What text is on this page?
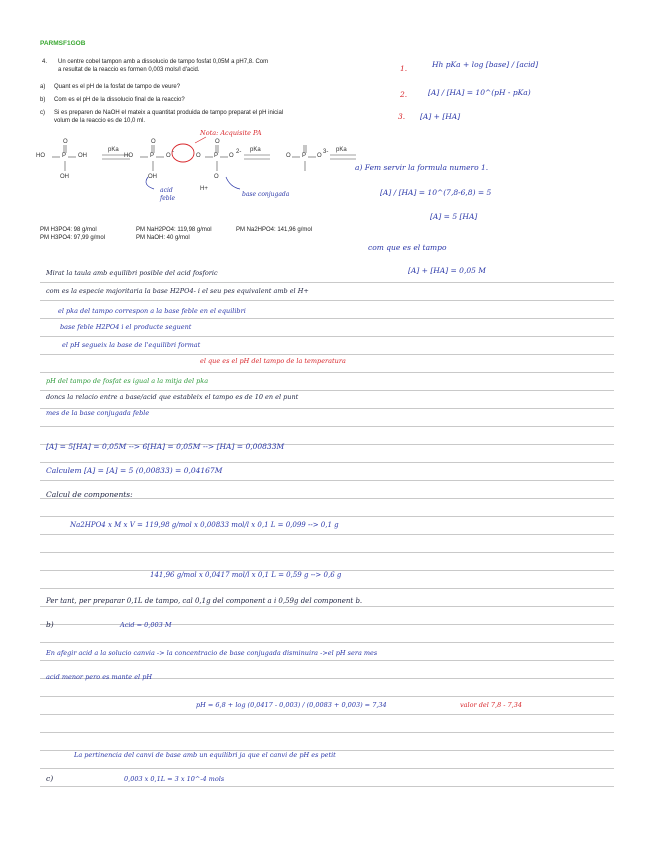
PARMSF1GOB
4. Un centre cobel tampon amb a dissolucio de tampo fosfat 0,05M a pH7,8. Com
a resultat de la reaccio es formen 0,003 mols/l d'acid.
a) Quant es el pH de la fosfat de tampo de veure?
b) Com es el pH de la dissolucio final de la reaccio?
c) Si es preparen de NaOH el mateix a quantitat produida de tampo preparat el pH inicial
volum de la reaccio es de 10,0 ml.
HO	P OH
O
OH
pKa
HO	P O
OH
O
-
O P O
O
O
2- pKa
O P O
3- pKa
H+
Nota: Acquisite PA
acid
feble
base conjugada
PM H3PO4: 98 g/mol	PM NaH2PO4: 119,98 g/mol	PM Na2HPO4: 141,96 g/mol
PM H3PO4: 97,99 g/mol	PM NaOH: 40 g/mol
1.	Hh pKa + log [base] / [acid]
2.	[A] / [HA] = 10^(pH - pKa)
3. [A] + [HA]
a) Fem servir la formula numero 1.
[A] / [HA] = 10^(7,8-6,8) = 5
[A] = 5 [HA]
com que es el tampo
[A] + [HA] = 0,05 M
Mirat la taula amb equilibri posible del acid fosforic
com es la especie majoritaria la base H2PO4- i el seu pes equivalent amb el H+
el pka del tampo correspon a la base feble en el equilibri
base feble H2PO4 i el producte seguent
el pH segueix la base de l'equilibri format
el que es el pH del tampo de la temperatura
pH del tampo de fosfat es igual a la mitja del pka
doncs la relacio entre a base/acid que estableix el tampo es de 10 en el punt
mes de la base conjugada feble
[A] = 5[HA] = 0,05M --> 6[HA] = 0,05M --> [HA] = 0,00833M
Calculem [A] = [A] = 5 (0,00833) = 0,04167M
Calcul de components:
Na2HPO4 x M x V = 119,98 g/mol x 0,00833 mol/l x 0,1 L = 0,099 --> 0,1 g
141,96 g/mol x 0,0417 mol/l x 0,1 L = 0,59 g --> 0,6 g
Per tant, per preparar 0,1L de tampo, cal 0,1g del component a i 0,59g del component b.
b)	Acid = 0,003 M
En afegir acid a la solucio canvia -> la concentracio de base conjugada disminuira ->el pH sera mes
acid menor pero es mante el pH
pH = 6,8 + log (0,0417 - 0,003) / (0,0083 + 0,003) = 7,34	valor del 7,8 - 7,34
La pertinencia del canvi de base amb un equilibri ja que el canvi de pH es petit
c)	0,003 x 0,1L = 3 x 10^-4 mols
